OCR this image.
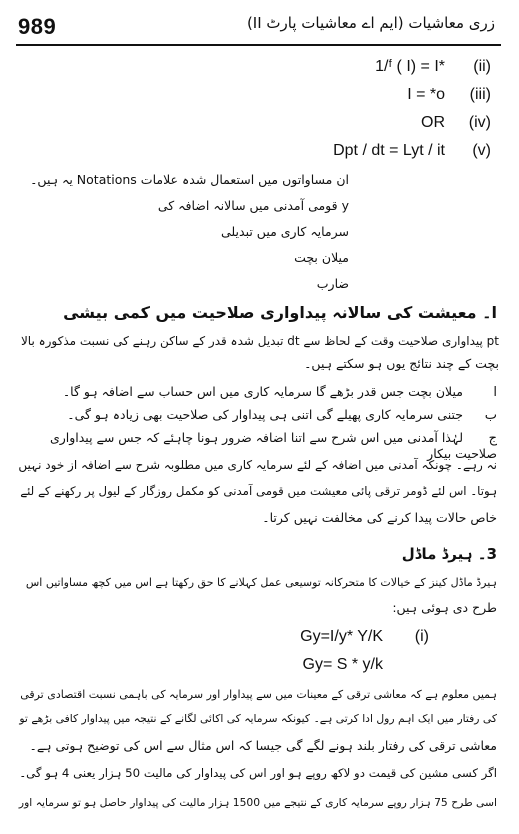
989	زری معاشیات (ایم اے معاشیات پارٹ II)
1/ᶠ ( I) = I*	(ii)
I = *o	(iii)
OR	(iv)
Dpt / dt = Lyt / it	(v)
ان مساواتوں میں استعمال شدہ علامات Notations یہ ہیں۔
y قومی آمدنی میں سالانہ اضافہ کی
سرمایہ کاری میں تبدیلی
میلان بچت
ضارب
ا۔ معیشت کی سالانہ پیداواری صلاحیت میں کمی بیشی
pt پیداواری صلاحیت وقت کے لحاظ سے dt تبدیل شدہ قدر کے ساکن رہنے کی نسبت مذکورہ بالا
بچت کے چند نتائج یوں ہو سکتے ہیں۔
امیلان بچت جس قدر بڑھے گا سرمایہ کاری میں اس حساب سے اضافہ ہو گا۔
بجتنی سرمایہ کاری پھیلے گی اتنی ہی پیداوار کی صلاحیت بھی زیادہ ہو گی۔
جلہٰذا آمدنی میں اس شرح سے اتنا اضافہ ضرور ہونا چاہئے کہ جس سے پیداواری صلاحیت بیکار
نہ رہے۔ چونکہ آمدنی میں اضافہ کے لئے سرمایہ کاری میں مطلوبہ شرح سے اضافہ از خود نہیں
ہوتا۔ اس لئے ڈومر ترقی پائی معیشت میں قومی آمدنی کو مکمل روزگار کے لیول پر رکھنے کے لئے
خاص حالات پیدا کرنے کی مخالفت نہیں کرتا۔
3۔ ہیرڈ ماڈل
ہیرڈ ماڈل کینز کے خیالات کا متحرکانہ توسیعی عمل کہلانے کا حق رکھتا ہے اس میں کچھ مساواتیں اس
طرح دی ہوئی ہیں:
Gy=I/y* Y/K	(i)
Gy= S * y/k
ہمیں معلوم ہے کہ معاشی ترقی کے معینات میں سے پیداوار اور سرمایہ کی باہمی نسبت اقتصادی ترقی
کی رفتار میں ایک اہم رول ادا کرتی ہے۔ کیونکہ سرمایہ کی اکائی لگانے کے نتیجہ میں پیداوار کافی بڑھے تو
معاشی ترقی کی رفتار بلند ہونے لگے گی جیسا کہ اس مثال سے اس کی توضیح ہوتی ہے۔
اگر کسی مشین کی قیمت دو لاکھ روپے ہو اور اس کی پیداوار کی مالیت 50 ہزار یعنی 4 ہو گی۔
اسی طرح 75 ہزار روپے سرمایہ کاری کے نتیجے میں 1500 ہزار مالیت کی پیداوار حاصل ہو تو سرمایہ اور
